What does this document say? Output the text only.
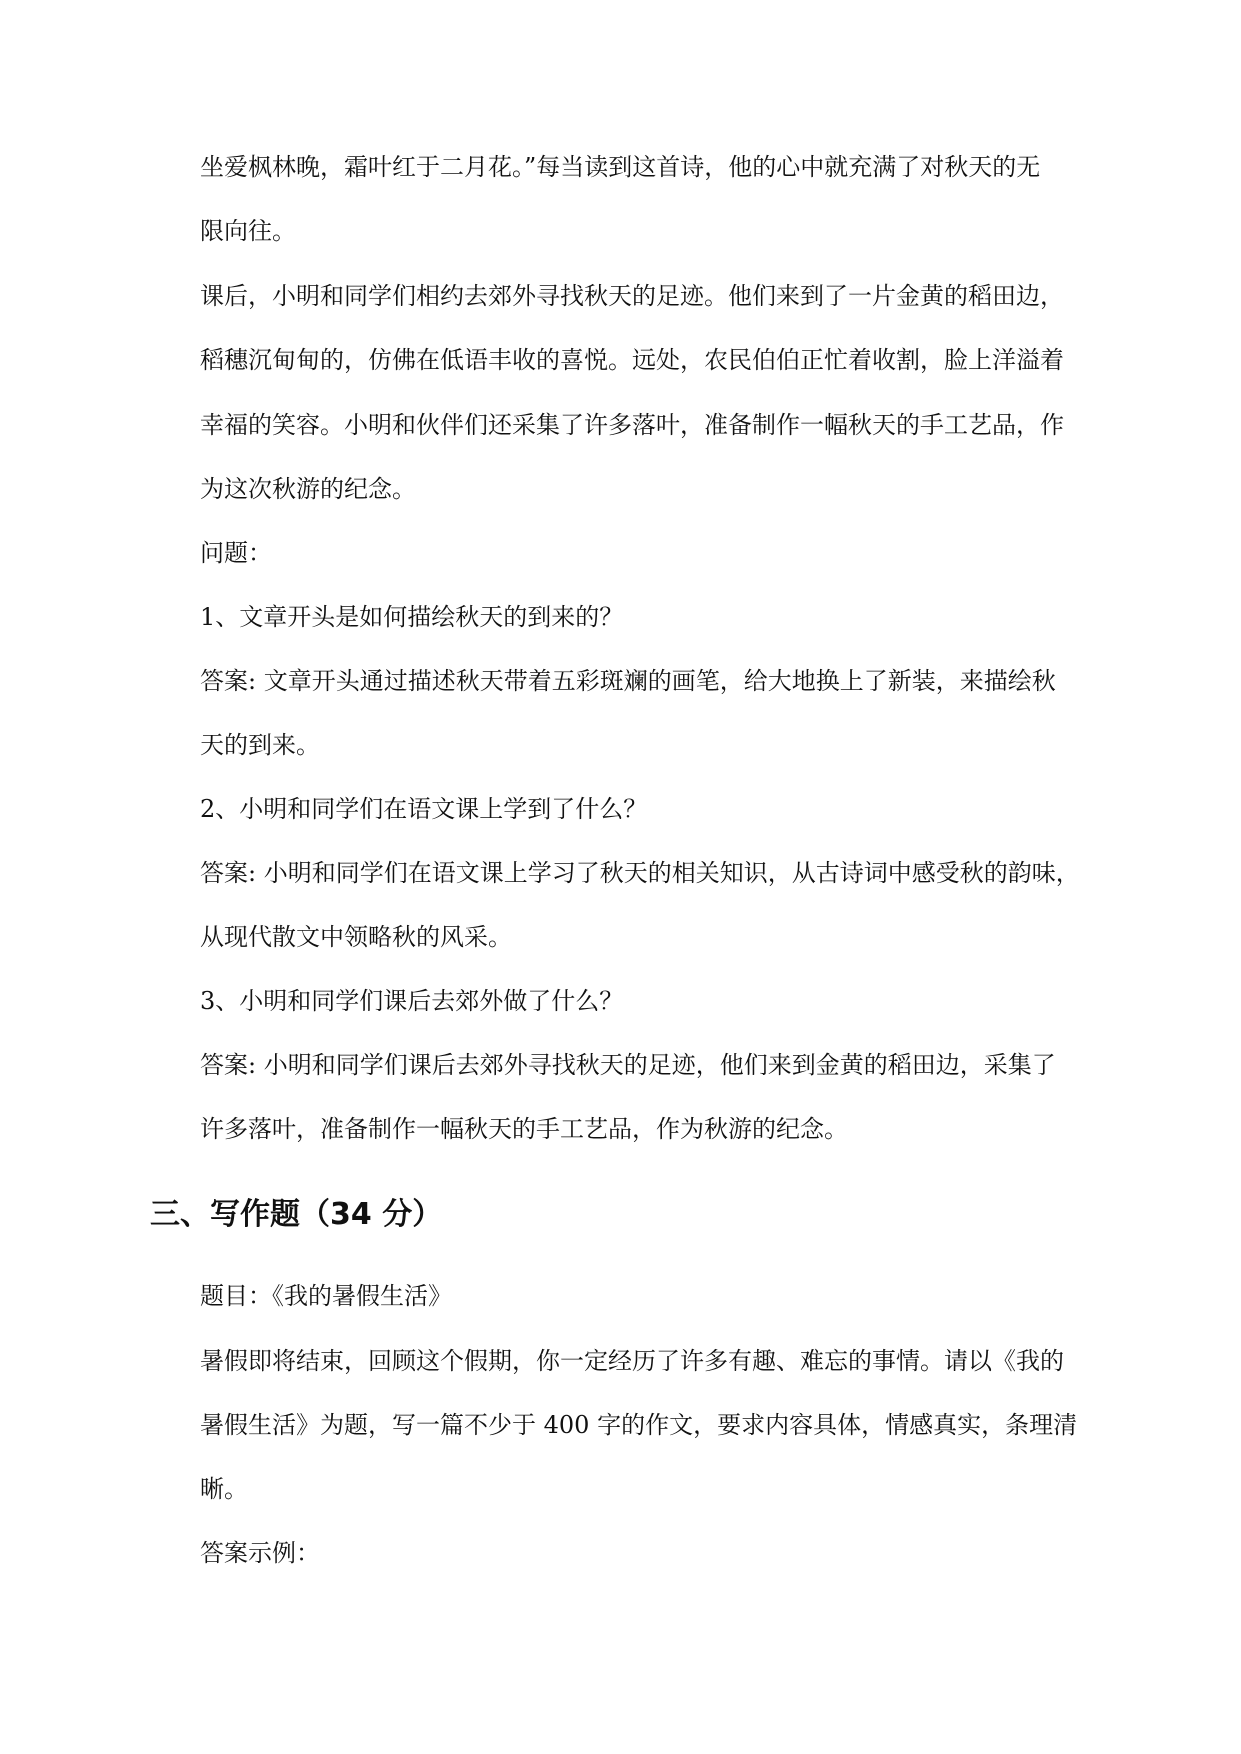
坐爱枫林晚，霜叶红于二月花。”每当读到这首诗，他的心中就充满了对秋天的无
限向往。
课后，小明和同学们相约去郊外寻找秋天的足迹。他们来到了一片金黄的稻田边，
稻穗沉甸甸的，仿佛在低语丰收的喜悦。远处，农民伯伯正忙着收割，脸上洋溢着
幸福的笑容。小明和伙伴们还采集了许多落叶，准备制作一幅秋天的手工艺品，作
为这次秋游的纪念。
问题：
1、文章开头是如何描绘秋天的到来的？
答案: 文章开头通过描述秋天带着五彩斑斓的画笔，给大地换上了新装，来描绘秋
天的到来。
2、小明和同学们在语文课上学到了什么？
答案: 小明和同学们在语文课上学习了秋天的相关知识，从古诗词中感受秋的韵味，
从现代散文中领略秋的风采。
3、小明和同学们课后去郊外做了什么？
答案: 小明和同学们课后去郊外寻找秋天的足迹，他们来到金黄的稻田边，采集了
许多落叶，准备制作一幅秋天的手工艺品，作为秋游的纪念。
三、写作题（34 分）
题目：《我的暑假生活》
暑假即将结束，回顾这个假期，你一定经历了许多有趣、难忘的事情。请以《我的
暑假生活》为题，写一篇不少于 400 字的作文，要求内容具体，情感真实，条理清
晰。
答案示例：
